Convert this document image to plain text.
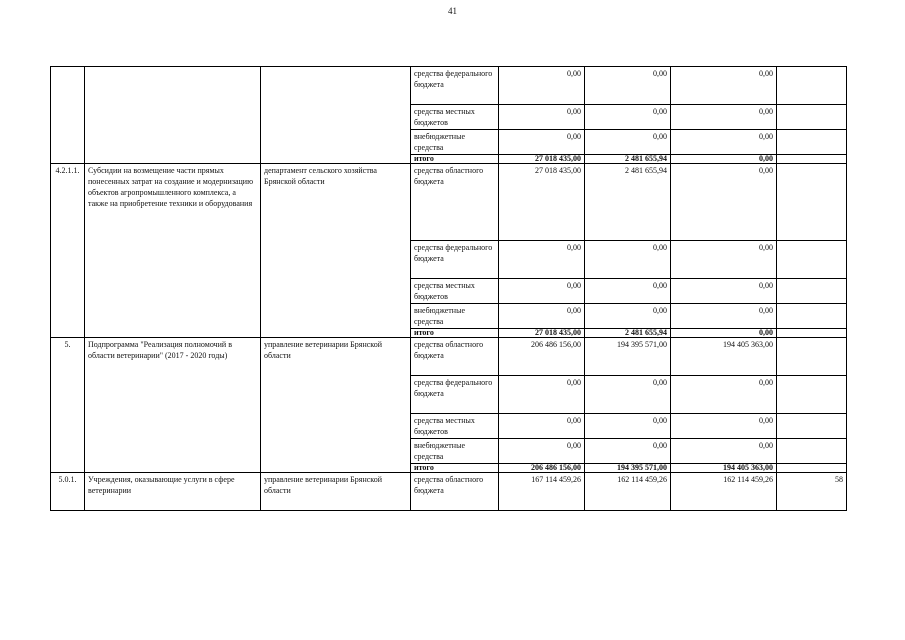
41
			средства федерального бюджета	0,00	0,00	0,00	
			средства местных бюджетов	0,00	0,00	0,00	
			внебюджетные средства	0,00	0,00	0,00	
			итого	27 018 435,00	2 481 655,94	0,00	
4.2.1.1.	Субсидии на возмещение части прямых понесенных затрат на создание и модернизацию объектов агропромышленного комплекса, а также на приобретение техники и оборудования	департамент сельского хозяйства Брянской области	средства областного бюджета	27 018 435,00	2 481 655,94	0,00	
			средства федерального бюджета	0,00	0,00	0,00	
			средства местных бюджетов	0,00	0,00	0,00	
			внебюджетные средства	0,00	0,00	0,00	
			итого	27 018 435,00	2 481 655,94	0,00	
5.	Подпрограмма "Реализация полномочий в области ветеринарии" (2017 - 2020 годы)	управление ветеринарии Брянской области	средства областного бюджета	206 486 156,00	194 395 571,00	194 405 363,00	
			средства федерального бюджета	0,00	0,00	0,00	
			средства местных бюджетов	0,00	0,00	0,00	
			внебюджетные средства	0,00	0,00	0,00	
			итого	206 486 156,00	194 395 571,00	194 405 363,00	
5.0.1.	Учреждения, оказывающие услуги в сфере ветеринарии	управление ветеринарии Брянской области	средства областного бюджета	167 114 459,26	162 114 459,26	162 114 459,26	58
